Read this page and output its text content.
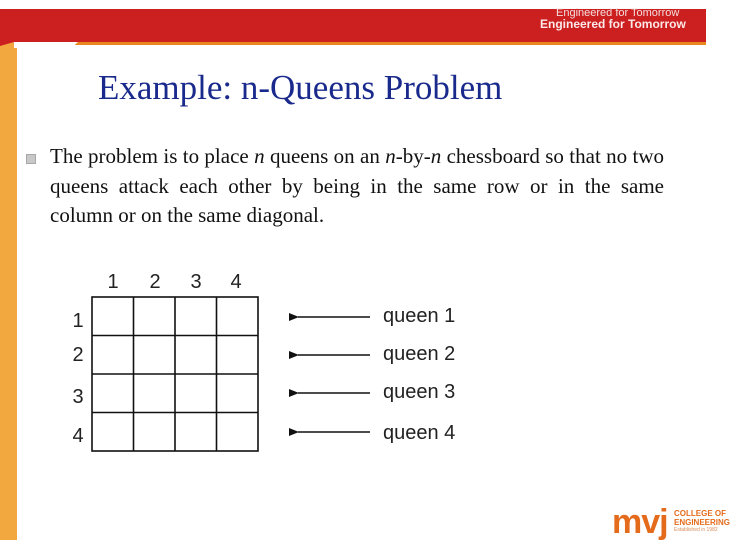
Engineered for Tomorrow
Engineered for Tomorrow
Example: n-Queens Problem
The problem is to place n queens on an n-by-n chessboard so that no two queens attack each other by being in the same row or in the same column or on the same diagonal.
1 2 3 4
1
2
3
4
queen 1
queen 2
queen 3
queen 4
mvj COLLEGE OF
ENGINEERING
Established in 1982
